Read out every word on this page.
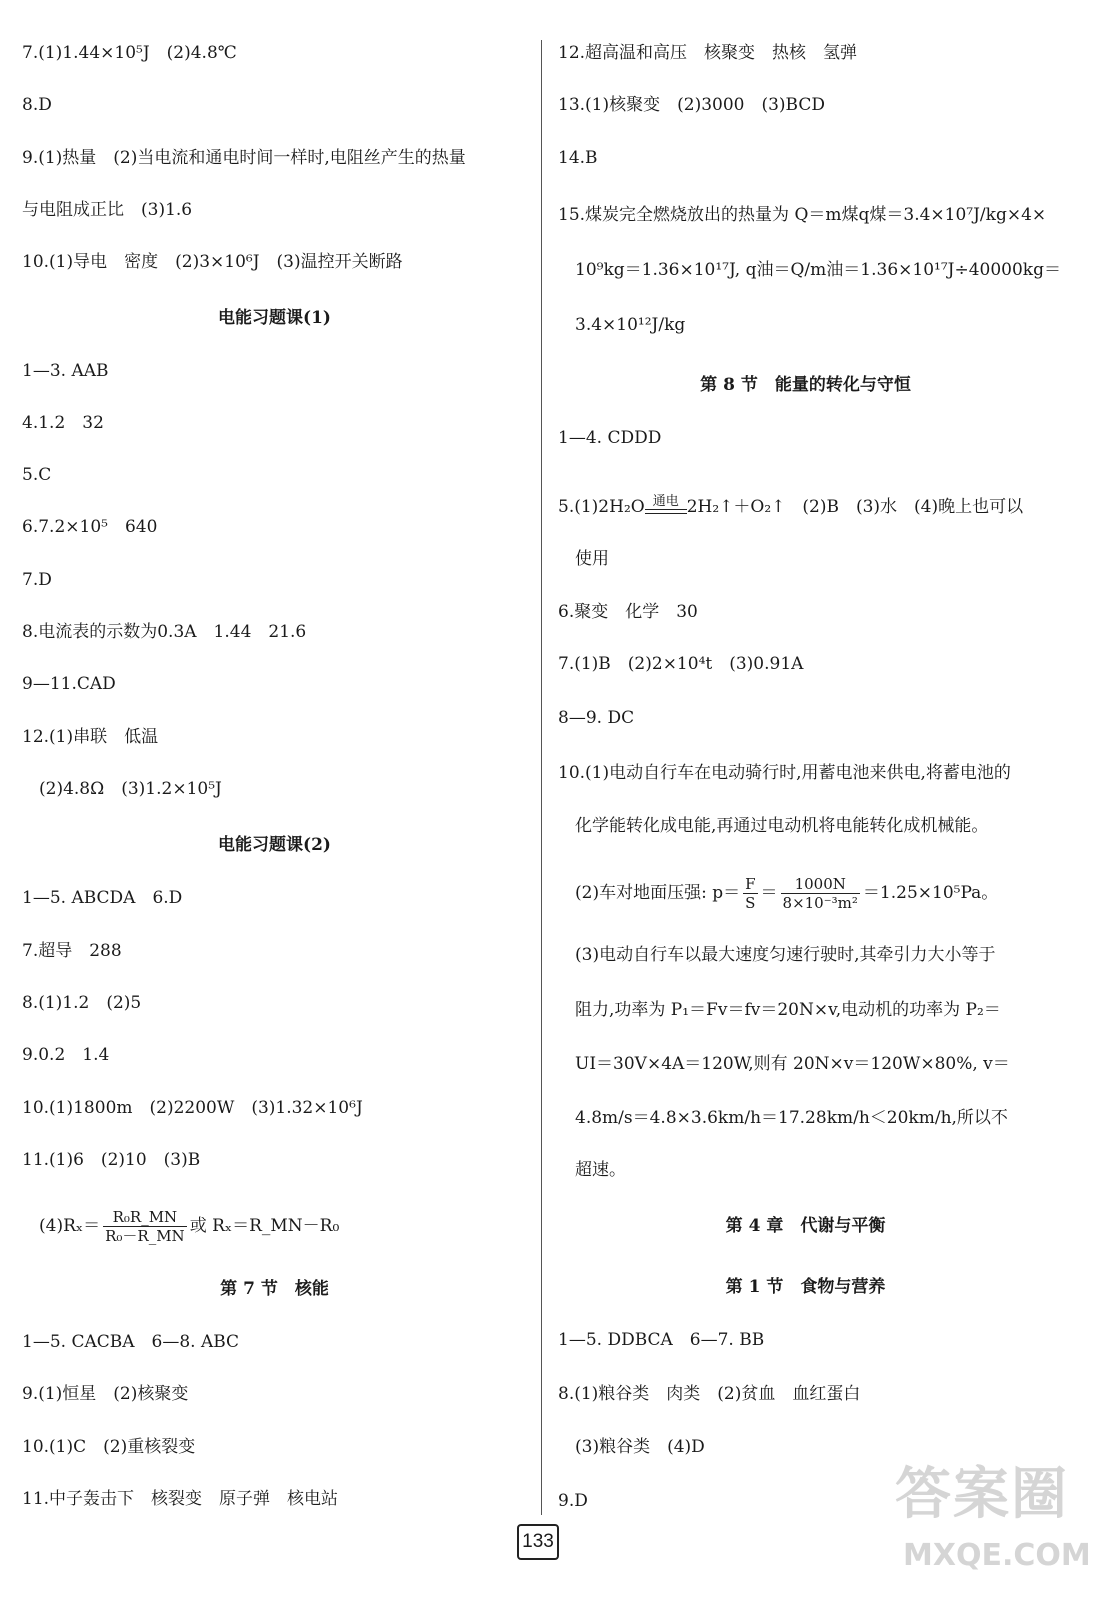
7.(1)1.44×10⁵J　(2)4.8℃
8.D
9.(1)热量　(2)当电流和通电时间一样时,电阻丝产生的热量
与电阻成正比　(3)1.6
10.(1)导电　密度　(2)3×10⁶J　(3)温控开关断路
电能习题课(1)
1—3. AAB
4.1.2　32
5.C
6.7.2×10⁵　640
7.D
8.电流表的示数为0.3A　1.44　21.6
9—11.CAD
12.(1)串联　低温
　(2)4.8Ω　(3)1.2×10⁵J
电能习题课(2)
1—5. ABCDA　6.D
7.超导　288
8.(1)1.2　(2)5
9.0.2　1.4
10.(1)1800m　(2)2200W　(3)1.32×10⁶J
11.(1)6　(2)10　(3)B
　$(4)R_x= \frac{\text{R₀R\_MN}}{\text{R₀－R\_MN}}$ 或 Rₓ＝R_MN－R₀
第 7 节　核能
1—5. CACBA　6—8. ABC
9.(1)恒星　(2)核聚变
10.(1)C　(2)重核裂变
11.中子轰击下　核裂变　原子弹　核电站
12.超高温和高压　核聚变　热核　氢弹
13.(1)核聚变　(2)3000　(3)BCD
14.B
15.煤炭完全燃烧放出的热量为 Q＝m煤q煤＝3.4×10⁷J/kg×4×
　10⁹kg＝1.36×10¹⁷J, q油＝Q/m油＝1.36×10¹⁷J÷40000kg＝
　3.4×10¹²J/kg
第 8 节　能量的转化与守恒
1—4. CDDD
5.(1)2H₂O 通电 2H₂↑＋O₂↑　(2)B　(3)水　(4)晚上也可以
　使用
6.聚变　化学　30
7.(1)B　(2)2×10⁴t　(3)0.91A
8—9. DC
10.(1)电动自行车在电动骑行时,用蓄电池来供电,将蓄电池的
　化学能转化成电能,再通过电动机将电能转化成机械能。
　(2)车对地面压强: $p= \frac{F}{S} = \frac{1000N}{\text{8×10⁻³m²}} =1.25\times 10^5Pa$。
　(3)电动自行车以最大速度匀速行驶时,其牵引力大小等于
　阻力,功率为 P₁＝Fv＝fv＝20N×v,电动机的功率为 P₂＝
　UI＝30V×4A＝120W,则有 20N×v＝120W×80%, v＝
　4.8m/s＝4.8×3.6km/h＝17.28km/h＜20km/h,所以不
　超速。
第 4 章　代谢与平衡
第 1 节　食物与营养
1—5. DDBCA　6—7. BB
8.(1)粮谷类　肉类　(2)贫血　血红蛋白
　(3)粮谷类　(4)D
9.D
133
答案圈
MXQE.COM
